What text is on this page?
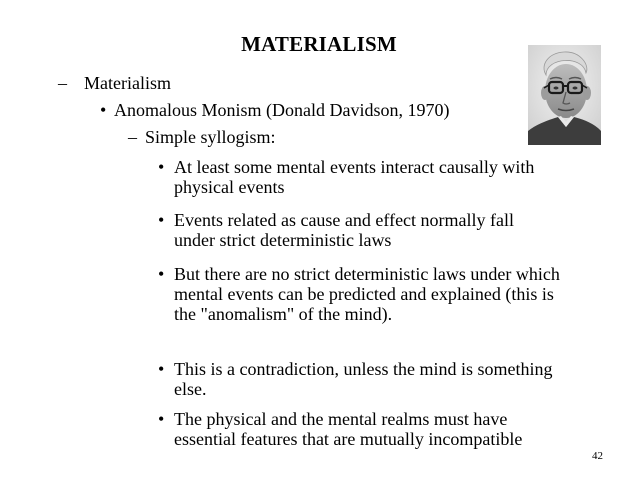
MATERIALISM
– Materialism
• Anomalous Monism (Donald Davidson, 1970)
– Simple syllogism:
• At least some mental events interact causally with physical events
• Events related as cause and effect normally fall under strict deterministic laws
• But there are no strict deterministic laws under which mental events can be predicted and explained (this is the "anomalism" of the mind).
• This is a contradiction, unless the mind is something else.
• The physical and the mental realms must have essential features that are mutually incompatible
42
